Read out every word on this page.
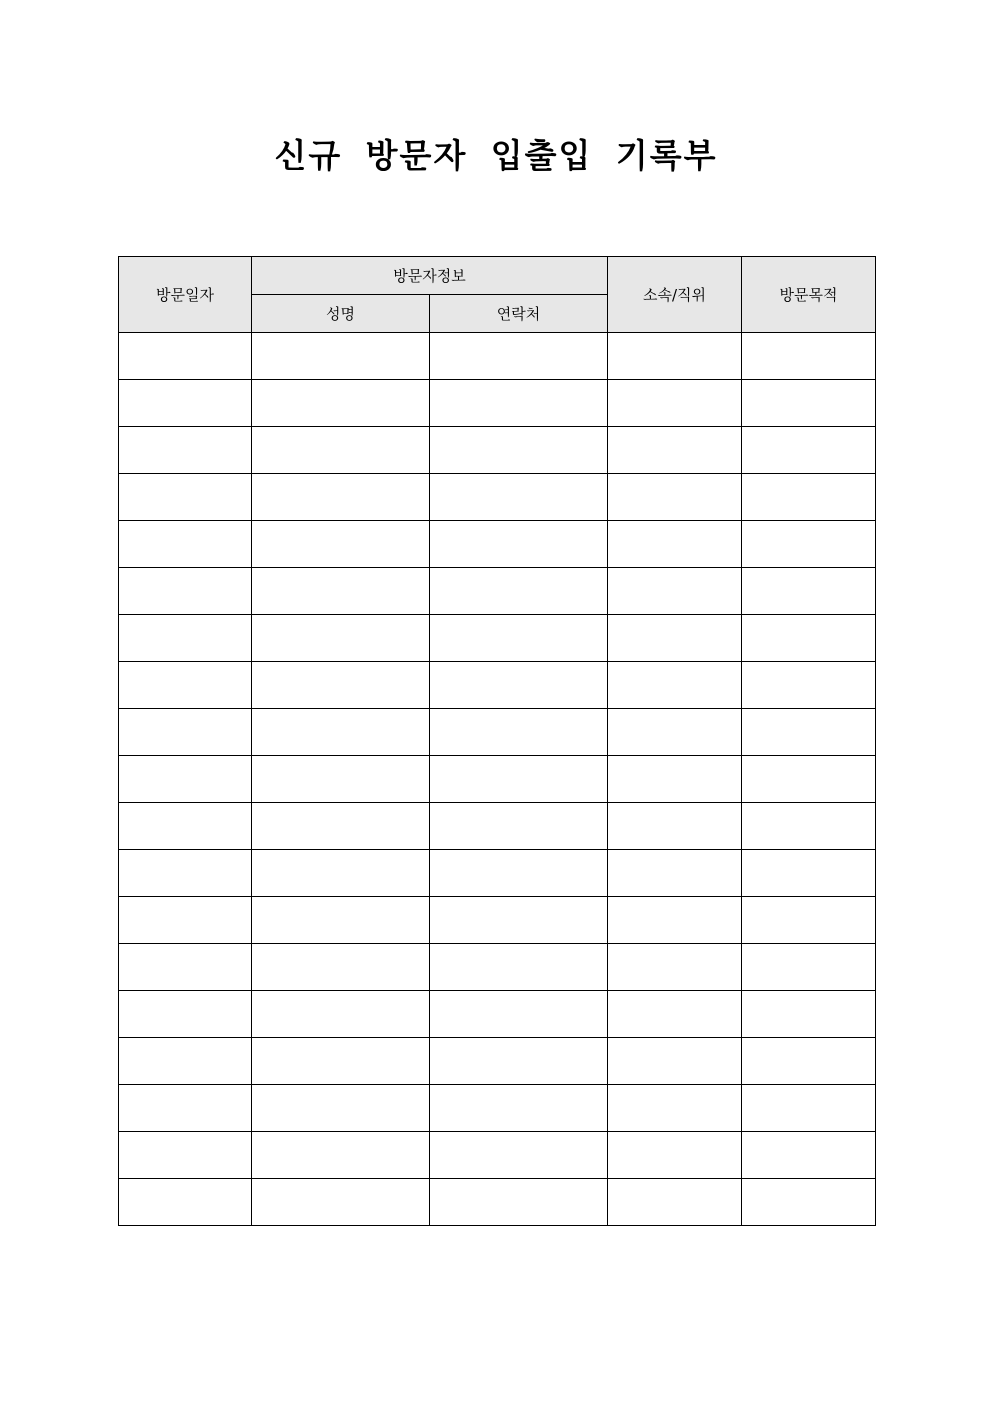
신규 방문자 입출입 기록부
방문일자	방문자정보		소속/직위	방문목적
	성명	연락처		
